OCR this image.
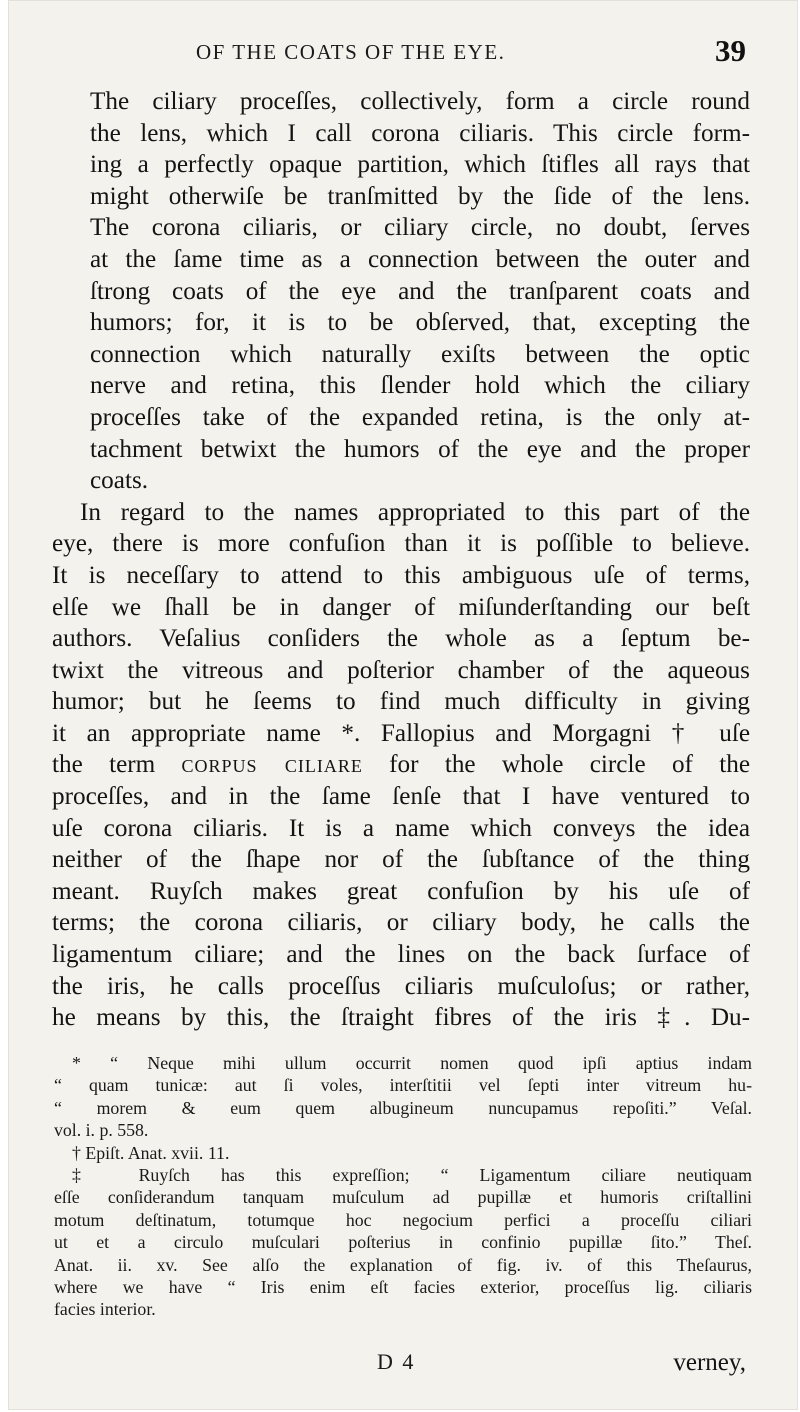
OF THE COATS OF THE EYE.	39

The ciliary proceſſes, collectively, form a circle round
the lens, which I call corona ciliaris. This circle form-
ing a perfectly opaque partition, which ſtifles all rays that
might otherwiſe be tranſmitted by the ſide of the lens.
The corona ciliaris, or ciliary circle, no doubt, ſerves
at the ſame time as a connection between the outer and
ſtrong coats of the eye and the tranſparent coats and
humors; for, it is to be obſerved, that, excepting the
connection which naturally exiſts between the optic
nerve and retina, this ſlender hold which the ciliary
proceſſes take of the expanded retina, is the only at-
tachment betwixt the humors of the eye and the proper
coats.

In regard to the names appropriated to this part of the
eye, there is more confuſion than it is poſſible to believe.
It is neceſſary to attend to this ambiguous uſe of terms,
elſe we ſhall be in danger of miſunderſtanding our beſt
authors. Veſalius conſiders the whole as a ſeptum be-
twixt the vitreous and poſterior chamber of the aqueous
humor; but he ſeems to find much difficulty in giving
it an appropriate name *. Fallopius and Morgagni † uſe
the term corpus ciliare for the whole circle of the
proceſſes, and in the ſame ſenſe that I have ventured to
uſe corona ciliaris. It is a name which conveys the idea
neither of the ſhape nor of the ſubſtance of the thing
meant. Ruyſch makes great confuſion by his uſe of
terms; the corona ciliaris, or ciliary body, he calls the
ligamentum ciliare; and the lines on the back ſurface of
the iris, he calls proceſſus ciliaris muſculoſus; or rather,
he means by this, the ſtraight fibres of the iris ‡. Du-

* “ Neque mihi ullum occurrit nomen quod ipſi aptius indam
“ quam tunicæ: aut ſi voles, interſtitii vel ſepti inter vitreum hu-
“ morem & eum quem albugineum nuncupamus repoſiti.” Veſal.
vol. i. p. 558.
† Epiſt. Anat. xvii. 11.
‡ Ruyſch has this expreſſion; “ Ligamentum ciliare neutiquam
eſſe conſiderandum tanquam muſculum ad pupillæ et humoris criſtallini
motum deſtinatum, totumque hoc negocium perfici a proceſſu ciliari
ut et a circulo muſculari poſterius in confinio pupillæ ſito.” Theſ.
Anat. ii. xv. See alſo the explanation of fig. iv. of this Theſaurus,
where we have “ Iris enim eſt facies exterior, proceſſus lig. ciliaris
facies interior.
D 4	verney,
